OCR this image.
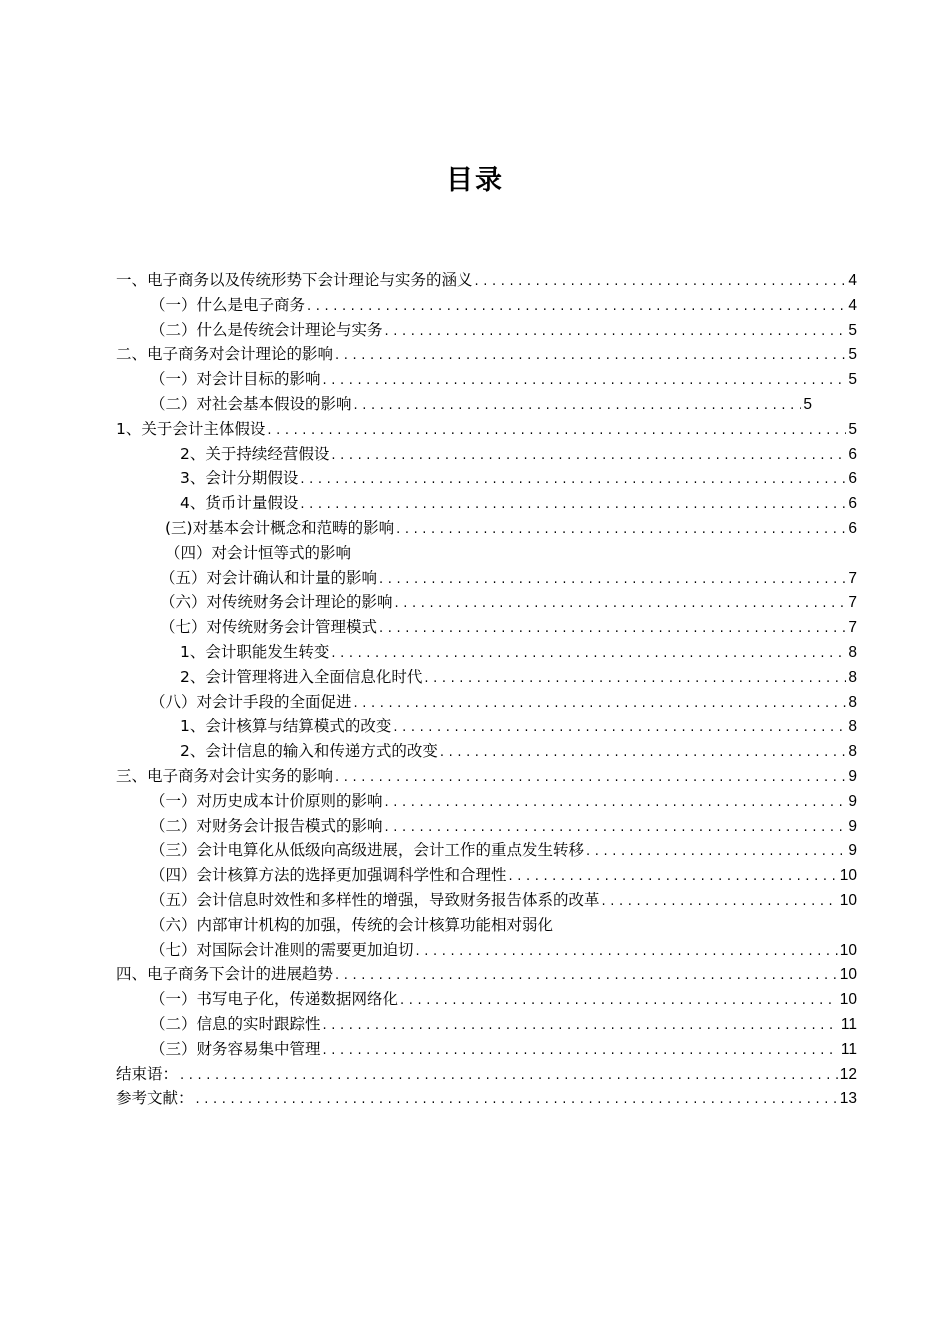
目录
一、电子商务以及传统形势下会计理论与实务的涵义 .....	4
（一）什么是电子商务 .....	4
（二）什么是传统会计理论与实务 .....	5
二、电子商务对会计理论的影响 .....	5
（一）对会计目标的影响 .....	5
（二）对社会基本假设的影响 .....	5
1、关于会计主体假设 .....	5
2、关于持续经营假设 .....	6
3、会计分期假设 .....	6
4、货币计量假设 .....	6
(三)对基本会计概念和范畴的影响 .....	6
（四）对会计恒等式的影响
（五）对会计确认和计量的影响 .....	7
（六）对传统财务会计理论的影响 .....	7
（七）对传统财务会计管理模式 .....	7
1、会计职能发生转变 .....	8
2、会计管理将进入全面信息化时代 .....	8
（八）对会计手段的全面促进 .....	8
1、会计核算与结算模式的改变 .....	8
2、会计信息的输入和传递方式的改变 .....	8
三、电子商务对会计实务的影响 .....	9
（一）对历史成本计价原则的影响 .....	9
（二）对财务会计报告模式的影响 .....	9
（三）会计电算化从低级向高级进展，会计工作的重点发生转移 .....	9
（四）会计核算方法的选择更加强调科学性和合理性 .....	10
（五）会计信息时效性和多样性的增强，导致财务报告体系的改革 .....	10
（六）内部审计机构的加强，传统的会计核算功能相对弱化
（七）对国际会计准则的需要更加迫切 .....	10
四、电子商务下会计的进展趋势 .....	10
（一）书写电子化，传递数据网络化 .....	10
（二）信息的实时跟踪性 .....	11
（三）财务容易集中管理 .....	11
结束语： .....	12
参考文献： .....	13
